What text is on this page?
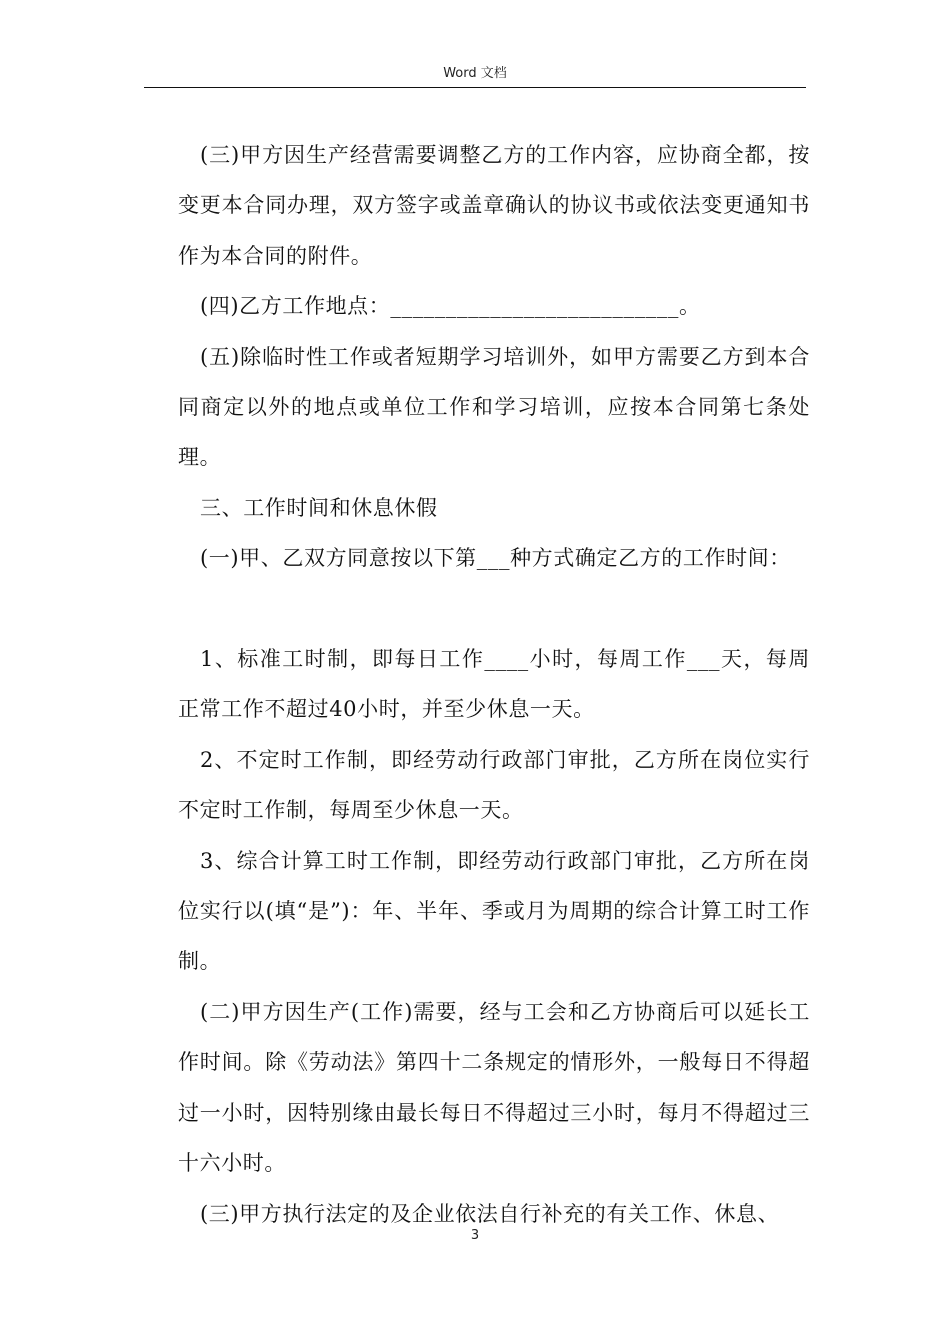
Word 文档

(三)甲方因生产经营需要调整乙方的工作内容，应协商全都，按变更本合同办理，双方签字或盖章确认的协议书或依法变更通知书作为本合同的附件。

(四)乙方工作地点：__________________________。

(五)除临时性工作或者短期学习培训外，如甲方需要乙方到本合同商定以外的地点或单位工作和学习培训，应按本合同第七条处理。

三、工作时间和休息休假

(一)甲、乙双方同意按以下第___种方式确定乙方的工作时间：

1、标准工时制，即每日工作____小时，每周工作___天，每周正常工作不超过40小时，并至少休息一天。

2、不定时工作制，即经劳动行政部门审批，乙方所在岗位实行不定时工作制，每周至少休息一天。

3、综合计算工时工作制，即经劳动行政部门审批，乙方所在岗位实行以(填“是”)：年、半年、季或月为周期的综合计算工时工作制。

(二)甲方因生产(工作)需要，经与工会和乙方协商后可以延长工作时间。除《劳动法》第四十二条规定的情形外，一般每日不得超过一小时，因特别缘由最长每日不得超过三小时，每月不得超过三十六小时。

(三)甲方执行法定的及企业依法自行补充的有关工作、休息、

3
